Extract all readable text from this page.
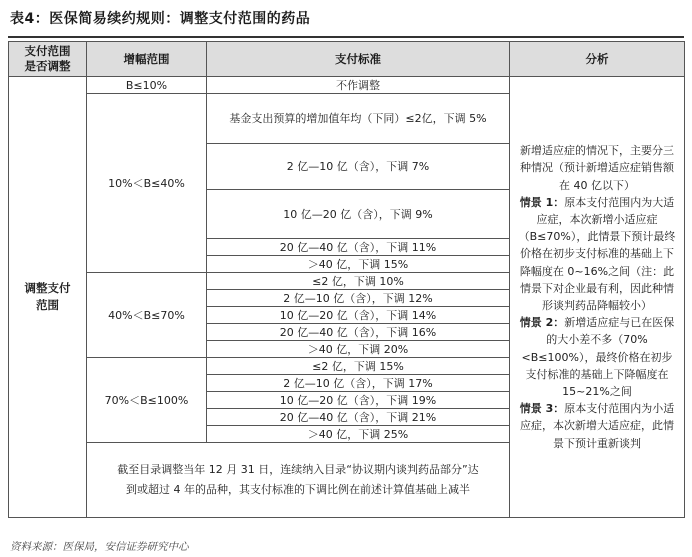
表4：医保简易续约规则：调整支付范围的药品
支付范围是否调整	增幅范围	支付标准	分析
调整支付范围	B≤10%	不作调整	新增适应症的情况下，主要分三种情况（预计新增适应症销售额在 40 亿以下）
情景 1：原本支付范围内为大适应症，本次新增小适应症（B≤70%），此情景下预计最终价格在初步支付标准的基础上下降幅度在 0~16%之间（注：此情景下对企业最有利，因此种情形谈判药品降幅较小）
情景 2：新增适应症与已在医保的大小差不多（70%<B≤100%），最终价格在初步支付标准的基础上下降幅度在 15~21%之间
情景 3：原本支付范围内为小适应症，本次新增大适应症，此情景下预计重新谈判
	10%＜B≤40%	基金支出预算的增加值年均（下同）≤2亿，下调 5%	
		2 亿—10 亿（含），下调 7%	
		10 亿—20 亿（含），下调 9%	
		20 亿—40 亿（含），下调 11%	
		＞40 亿，下调 15%	
	40%＜B≤70%	≤2 亿，下调 10%	
		2 亿—10 亿（含），下调 12%	
		10 亿—20 亿（含），下调 14%	
		20 亿—40 亿（含），下调 16%	
		＞40 亿，下调 20%	
	70%＜B≤100%	≤2 亿，下调 15%	
		2 亿—10 亿（含），下调 17%	
		10 亿—20 亿（含），下调 19%	
		20 亿—40 亿（含），下调 21%	
		＞40 亿，下调 25%	
	截至目录调整当年 12 月 31 日，连续纳入目录“协议期内谈判药品部分”达到或超过 4 年的品种，其支付标准的下调比例在前述计算值基础上减半		
资料来源：医保局，安信证券研究中心
